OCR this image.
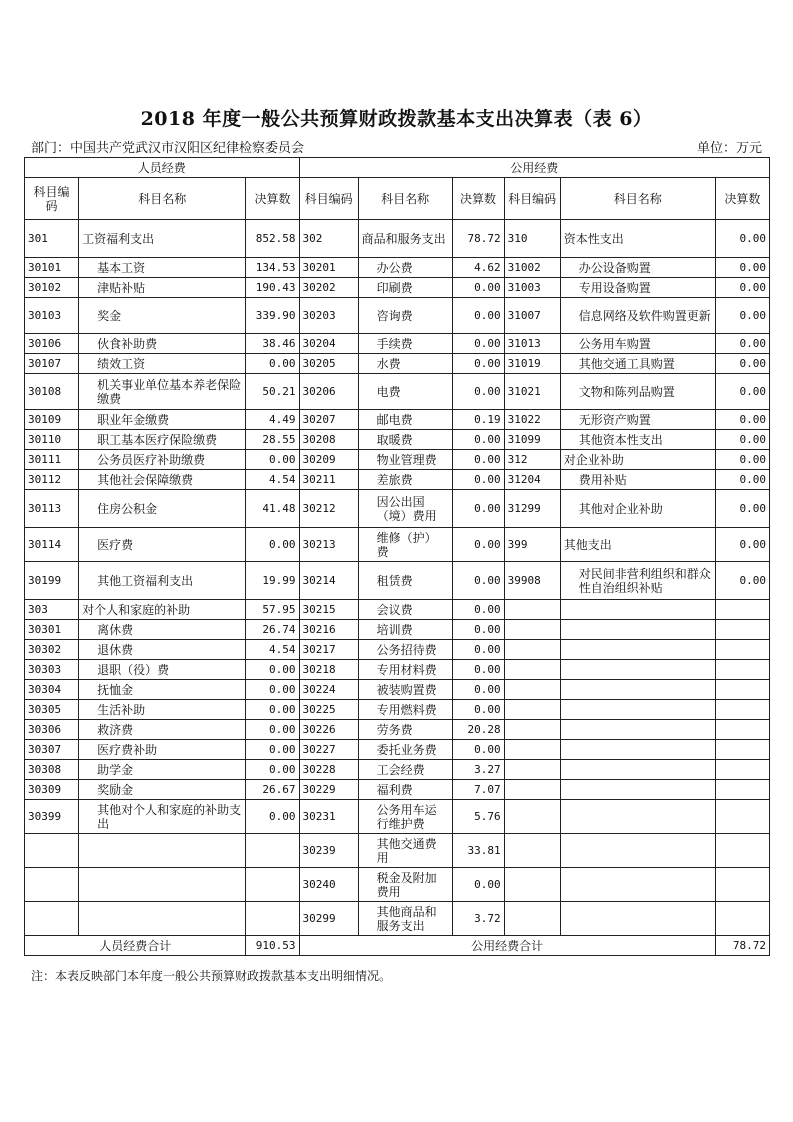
2018 年度一般公共预算财政拨款基本支出决算表（表 6）
部门：中国共产党武汉市汉阳区纪律检察委员会	单位：万元
人员经费			公用经费					
科目编码	科目名称	决算数	科目编码	科目名称	决算数	科目编码	科目名称	决算数
301	工资福利支出	852.58	302	商品和服务支出	78.72	310	资本性支出	0.00
30101	基本工资	134.53	30201	办公费	4.62	31002	办公设备购置	0.00
30102	津贴补贴	190.43	30202	印刷费	0.00	31003	专用设备购置	0.00
30103	奖金	339.90	30203	咨询费	0.00	31007	信息网络及软件购置更新	0.00
30106	伙食补助费	38.46	30204	手续费	0.00	31013	公务用车购置	0.00
30107	绩效工资	0.00	30205	水费	0.00	31019	其他交通工具购置	0.00
30108	机关事业单位基本养老保险缴费	50.21	30206	电费	0.00	31021	文物和陈列品购置	0.00
30109	职业年金缴费	4.49	30207	邮电费	0.19	31022	无形资产购置	0.00
30110	职工基本医疗保险缴费	28.55	30208	取暖费	0.00	31099	其他资本性支出	0.00
30111	公务员医疗补助缴费	0.00	30209	物业管理费	0.00	312	对企业补助	0.00
30112	其他社会保障缴费	4.54	30211	差旅费	0.00	31204	费用补贴	0.00
30113	住房公积金	41.48	30212	因公出国（境）费用	0.00	31299	其他对企业补助	0.00
30114	医疗费	0.00	30213	维修（护）费	0.00	399	其他支出	0.00
30199	其他工资福利支出	19.99	30214	租赁费	0.00	39908	对民间非营利组织和群众性自治组织补贴	0.00
303	对个人和家庭的补助	57.95	30215	会议费	0.00			
30301	离休费	26.74	30216	培训费	0.00			
30302	退休费	4.54	30217	公务招待费	0.00			
30303	退职（役）费	0.00	30218	专用材料费	0.00			
30304	抚恤金	0.00	30224	被装购置费	0.00			
30305	生活补助	0.00	30225	专用燃料费	0.00			
30306	救济费	0.00	30226	劳务费	20.28			
30307	医疗费补助	0.00	30227	委托业务费	0.00			
30308	助学金	0.00	30228	工会经费	3.27			
30309	奖励金	26.67	30229	福利费	7.07			
30399	其他对个人和家庭的补助支出	0.00	30231	公务用车运行维护费	5.76			
			30239	其他交通费用	33.81			
			30240	税金及附加费用	0.00			
			30299	其他商品和服务支出	3.72			
人员经费合计		910.53	公用经费合计					78.72
注：本表反映部门本年度一般公共预算财政拨款基本支出明细情况。
